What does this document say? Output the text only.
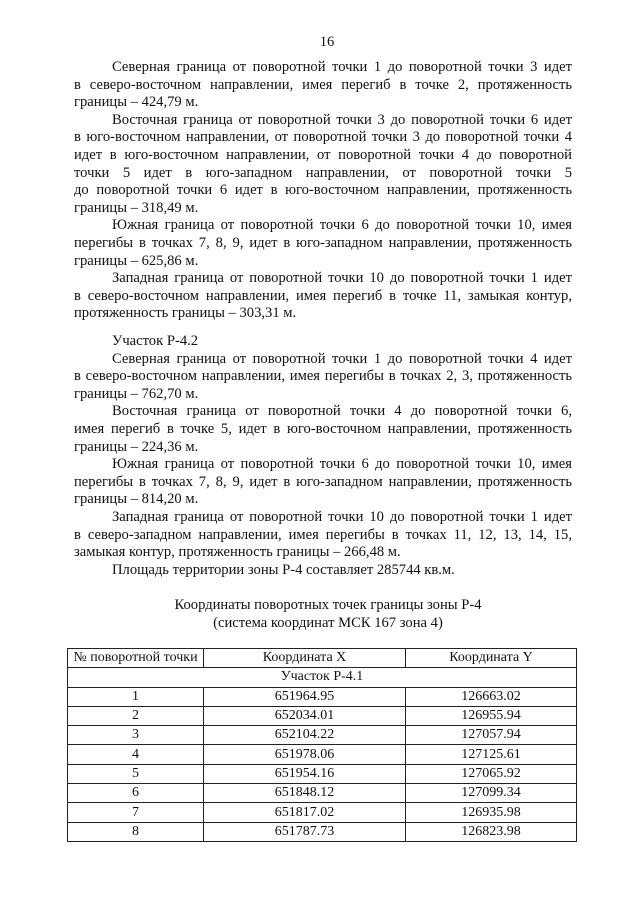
16
Северная граница от поворотной точки 1 до поворотной точки 3 идет
в северо-восточном направлении, имея перегиб в точке 2, протяженность
границы – 424,79 м.
Восточная граница от поворотной точки 3 до поворотной точки 6 идет
в юго-восточном направлении, от поворотной точки 3 до поворотной точки 4
идет в юго-восточном направлении, от поворотной точки 4 до поворотной
точки 5 идет в юго-западном направлении, от поворотной точки 5
до поворотной точки 6 идет в юго-восточном направлении, протяженность
границы – 318,49 м.
Южная граница от поворотной точки 6 до поворотной точки 10, имея
перегибы в точках 7, 8, 9, идет в юго-западном направлении, протяженность
границы – 625,86 м.
Западная граница от поворотной точки 10 до поворотной точки 1 идет
в северо-восточном направлении, имея перегиб в точке 11, замыкая контур,
протяженность границы – 303,31 м.
Участок Р-4.2
Северная граница от поворотной точки 1 до поворотной точки 4 идет
в северо-восточном направлении, имея перегибы в точках 2, 3, протяженность
границы – 762,70 м.
Восточная граница от поворотной точки 4 до поворотной точки 6,
имея перегиб в точке 5, идет в юго-восточном направлении, протяженность
границы – 224,36 м.
Южная граница от поворотной точки 6 до поворотной точки 10, имея
перегибы в точках 7, 8, 9, идет в юго-западном направлении, протяженность
границы – 814,20 м.
Западная граница от поворотной точки 10 до поворотной точки 1 идет
в северо-западном направлении, имея перегибы в точках 11, 12, 13, 14, 15,
замыкая контур, протяженность границы – 266,48 м.
Площадь территории зоны Р-4 составляет 285744 кв.м.
Координаты поворотных точек границы зоны Р-4
(система координат МСК 167 зона 4)
№ поворотной точки	Координата X	Координата Y
Участок Р-4.1		
1	651964.95	126663.02
2	652034.01	126955.94
3	652104.22	127057.94
4	651978.06	127125.61
5	651954.16	127065.92
6	651848.12	127099.34
7	651817.02	126935.98
8	651787.73	126823.98
